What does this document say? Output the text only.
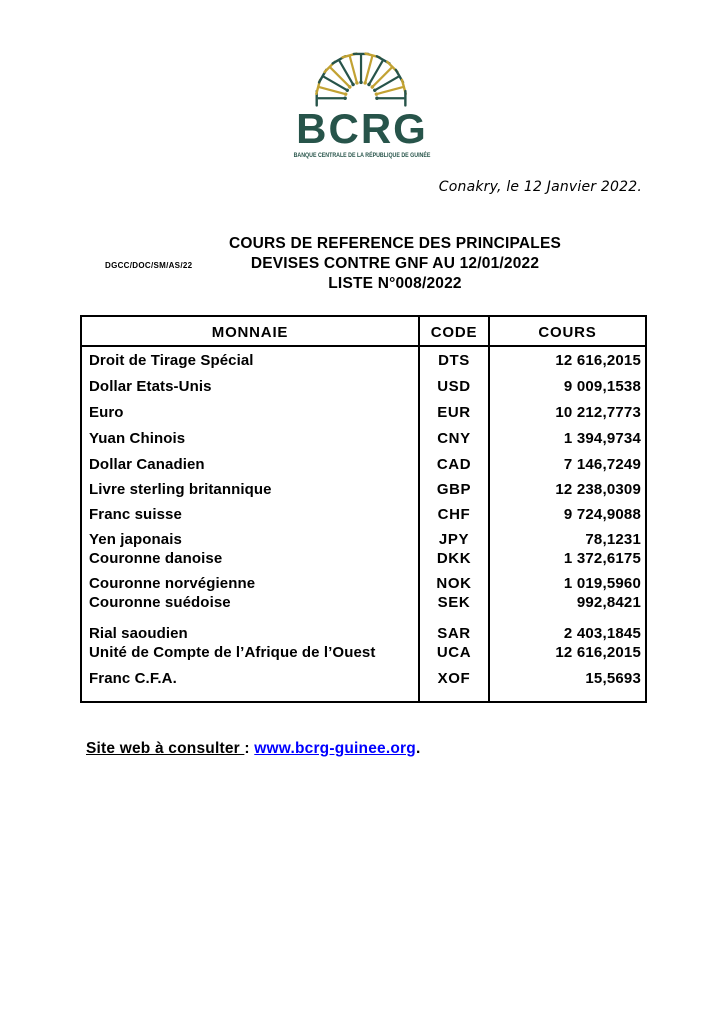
BCRG
BANQUE CENTRALE DE LA RÉPUBLIQUE DE GUINÉE
Conakry, le 12 Janvier 2022.
DGCC/DOC/SM/AS/22
COURS DE REFERENCE DES PRINCIPALES
DEVISES CONTRE GNF AU 12/01/2022
LISTE N°008/2022
MONNAIE	CODE	COURS
Droit de Tirage Spécial	DTS	12 616,2015
Dollar Etats-Unis	USD	9 009,1538
Euro	EUR	10 212,7773
Yuan Chinois	CNY	1 394,9734
Dollar Canadien	CAD	7 146,7249
Livre sterling britannique	GBP	12 238,0309
Franc suisse	CHF	9 724,9088
Yen japonais	JPY	78,1231
Couronne danoise	DKK	1 372,6175
Couronne norvégienne	NOK	1 019,5960
Couronne suédoise	SEK	992,8421
Rial saoudien	SAR	2 403,1845
Unité de Compte de l’Afrique de l’Ouest	UCA	12 616,2015
Franc C.F.A.	XOF	15,5693
Site web à consulter : www.bcrg-guinee.org.
